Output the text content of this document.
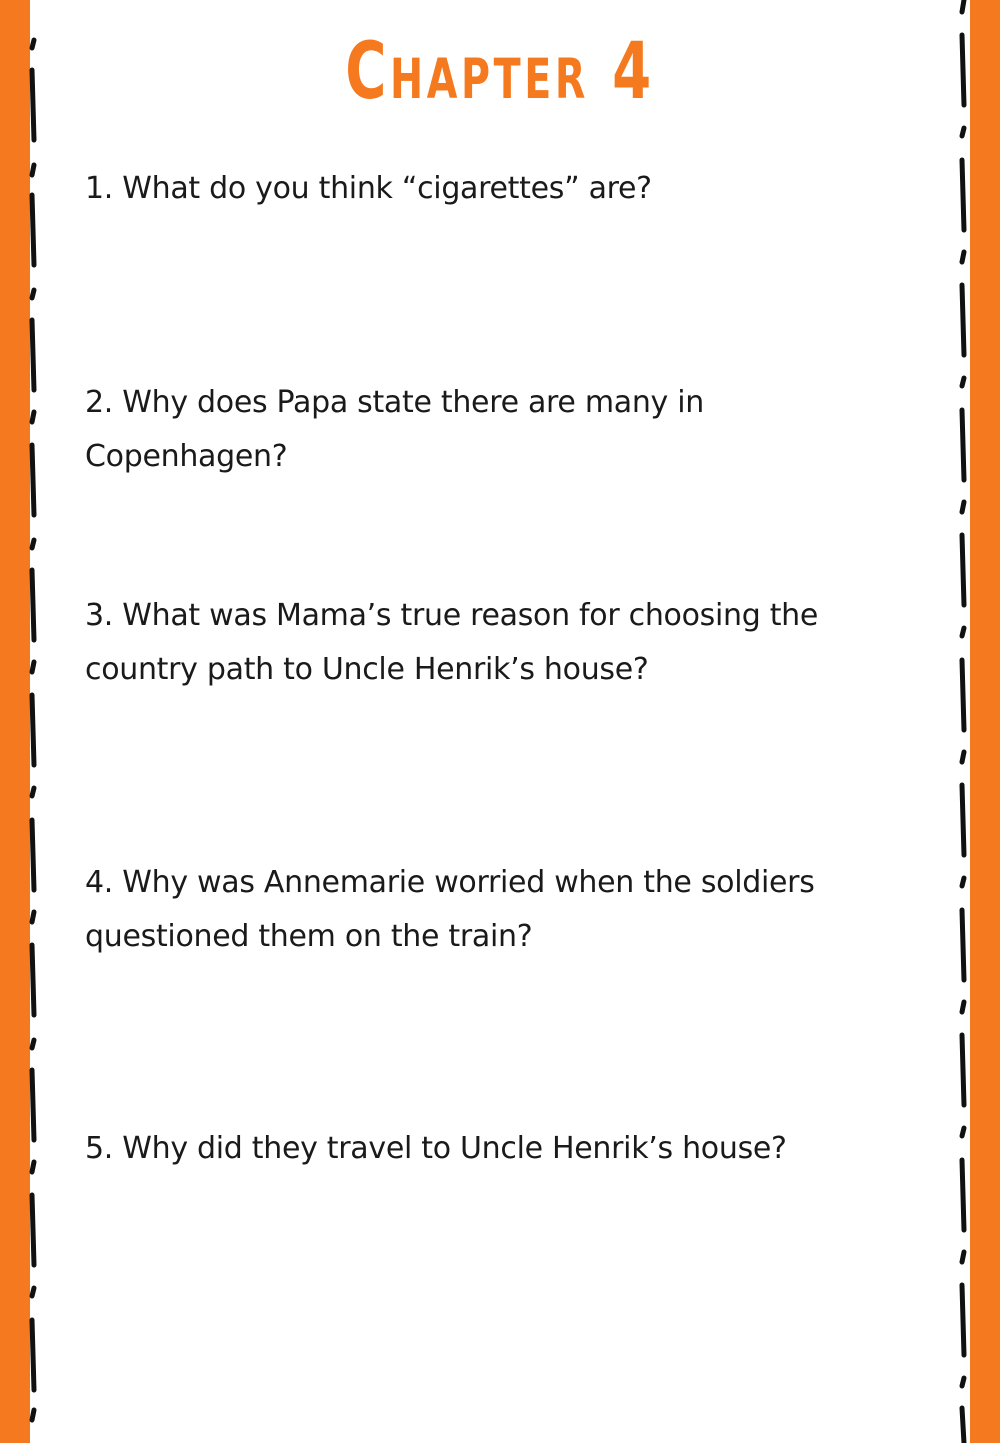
Chapter 4
1. What do you think “cigarettes” are?
2. Why does Papa state there are many in Copenhagen?
3. What was Mama’s true reason for choosing the country path to Uncle Henrik’s house?
4. Why was Annemarie worried when the soldiers questioned them on the train?
5. Why did they travel to Uncle Henrik’s house?
